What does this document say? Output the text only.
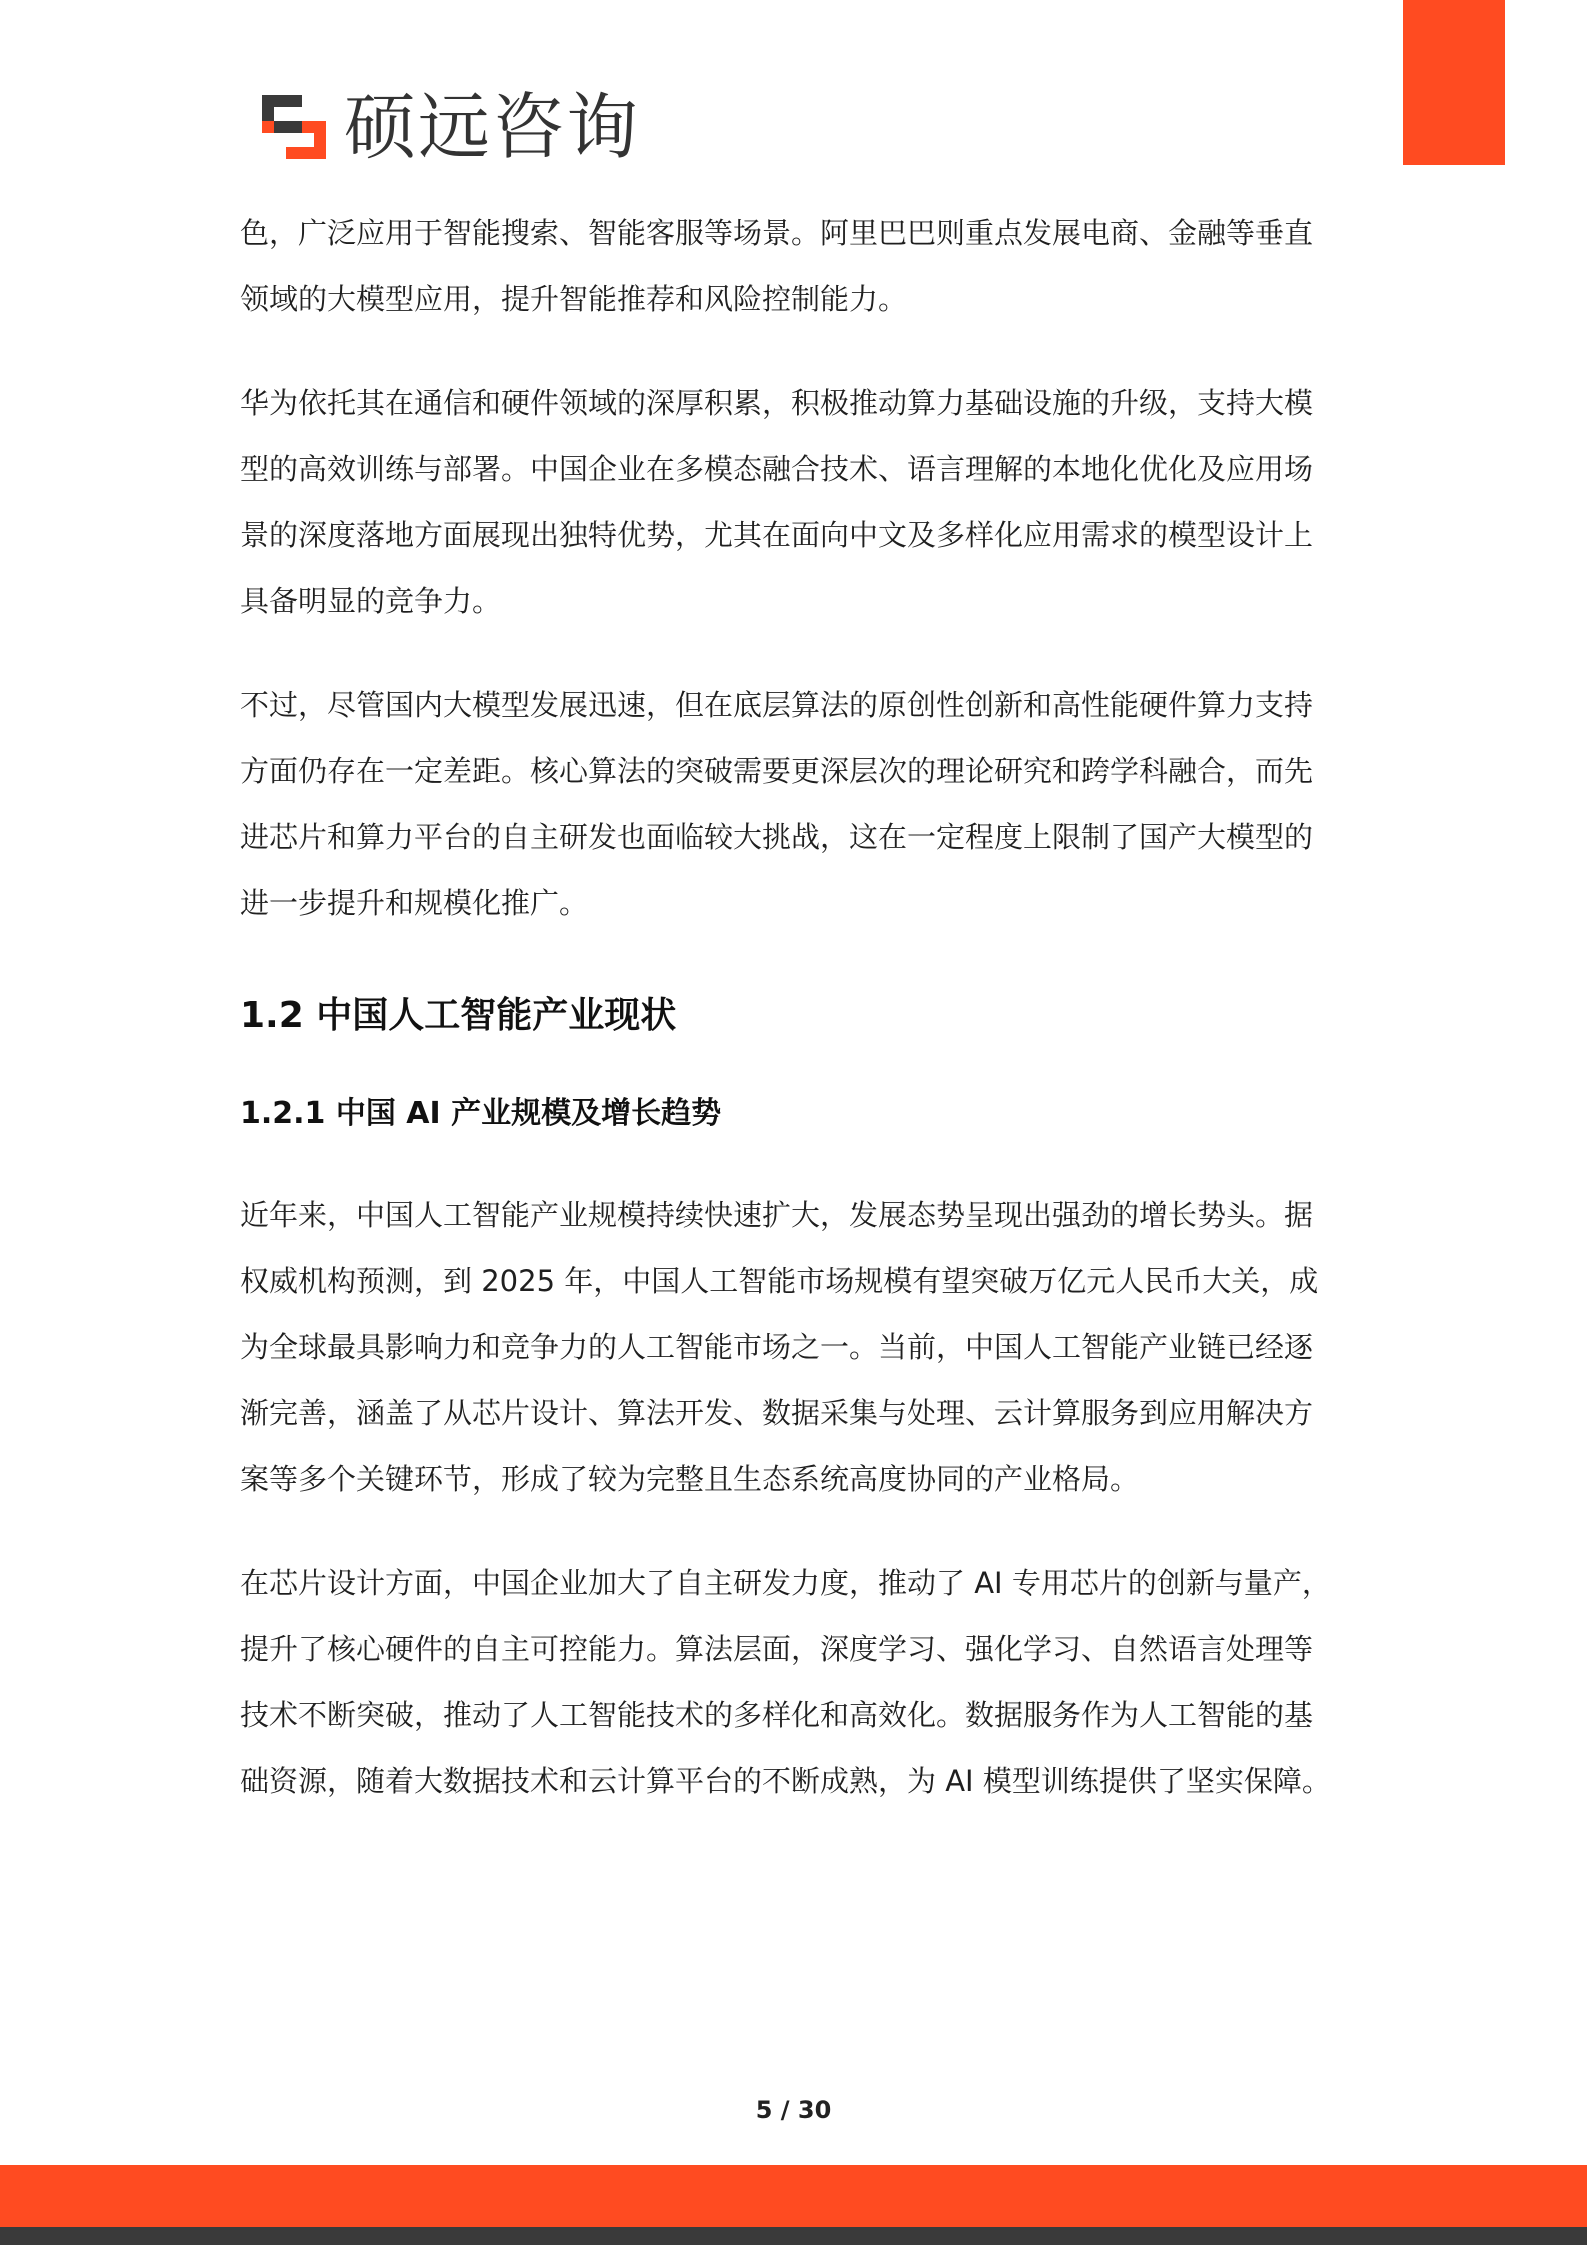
硕远咨询

色，广泛应用于智能搜索、智能客服等场景。阿里巴巴则重点发展电商、金融等垂直领域的大模型应用，提升智能推荐和风险控制能力。

华为依托其在通信和硬件领域的深厚积累，积极推动算力基础设施的升级，支持大模型的高效训练与部署。中国企业在多模态融合技术、语言理解的本地化优化及应用场景的深度落地方面展现出独特优势，尤其在面向中文及多样化应用需求的模型设计上具备明显的竞争力。

不过，尽管国内大模型发展迅速，但在底层算法的原创性创新和高性能硬件算力支持方面仍存在一定差距。核心算法的突破需要更深层次的理论研究和跨学科融合，而先进芯片和算力平台的自主研发也面临较大挑战，这在一定程度上限制了国产大模型的进一步提升和规模化推广。

1.2 中国人工智能产业现状
1.2.1 中国 AI 产业规模及增长趋势

近年来，中国人工智能产业规模持续快速扩大，发展态势呈现出强劲的增长势头。据权威机构预测，到 2025 年，中国人工智能市场规模有望突破万亿元人民币大关，成为全球最具影响力和竞争力的人工智能市场之一。当前，中国人工智能产业链已经逐渐完善，涵盖了从芯片设计、算法开发、数据采集与处理、云计算服务到应用解决方案等多个关键环节，形成了较为完整且生态系统高度协同的产业格局。

在芯片设计方面，中国企业加大了自主研发力度，推动了 AI 专用芯片的创新与量产，提升了核心硬件的自主可控能力。算法层面，深度学习、强化学习、自然语言处理等技术不断突破，推动了人工智能技术的多样化和高效化。数据服务作为人工智能的基础资源，随着大数据技术和云计算平台的不断成熟，为 AI 模型训练提供了坚实保障。

5 / 30
